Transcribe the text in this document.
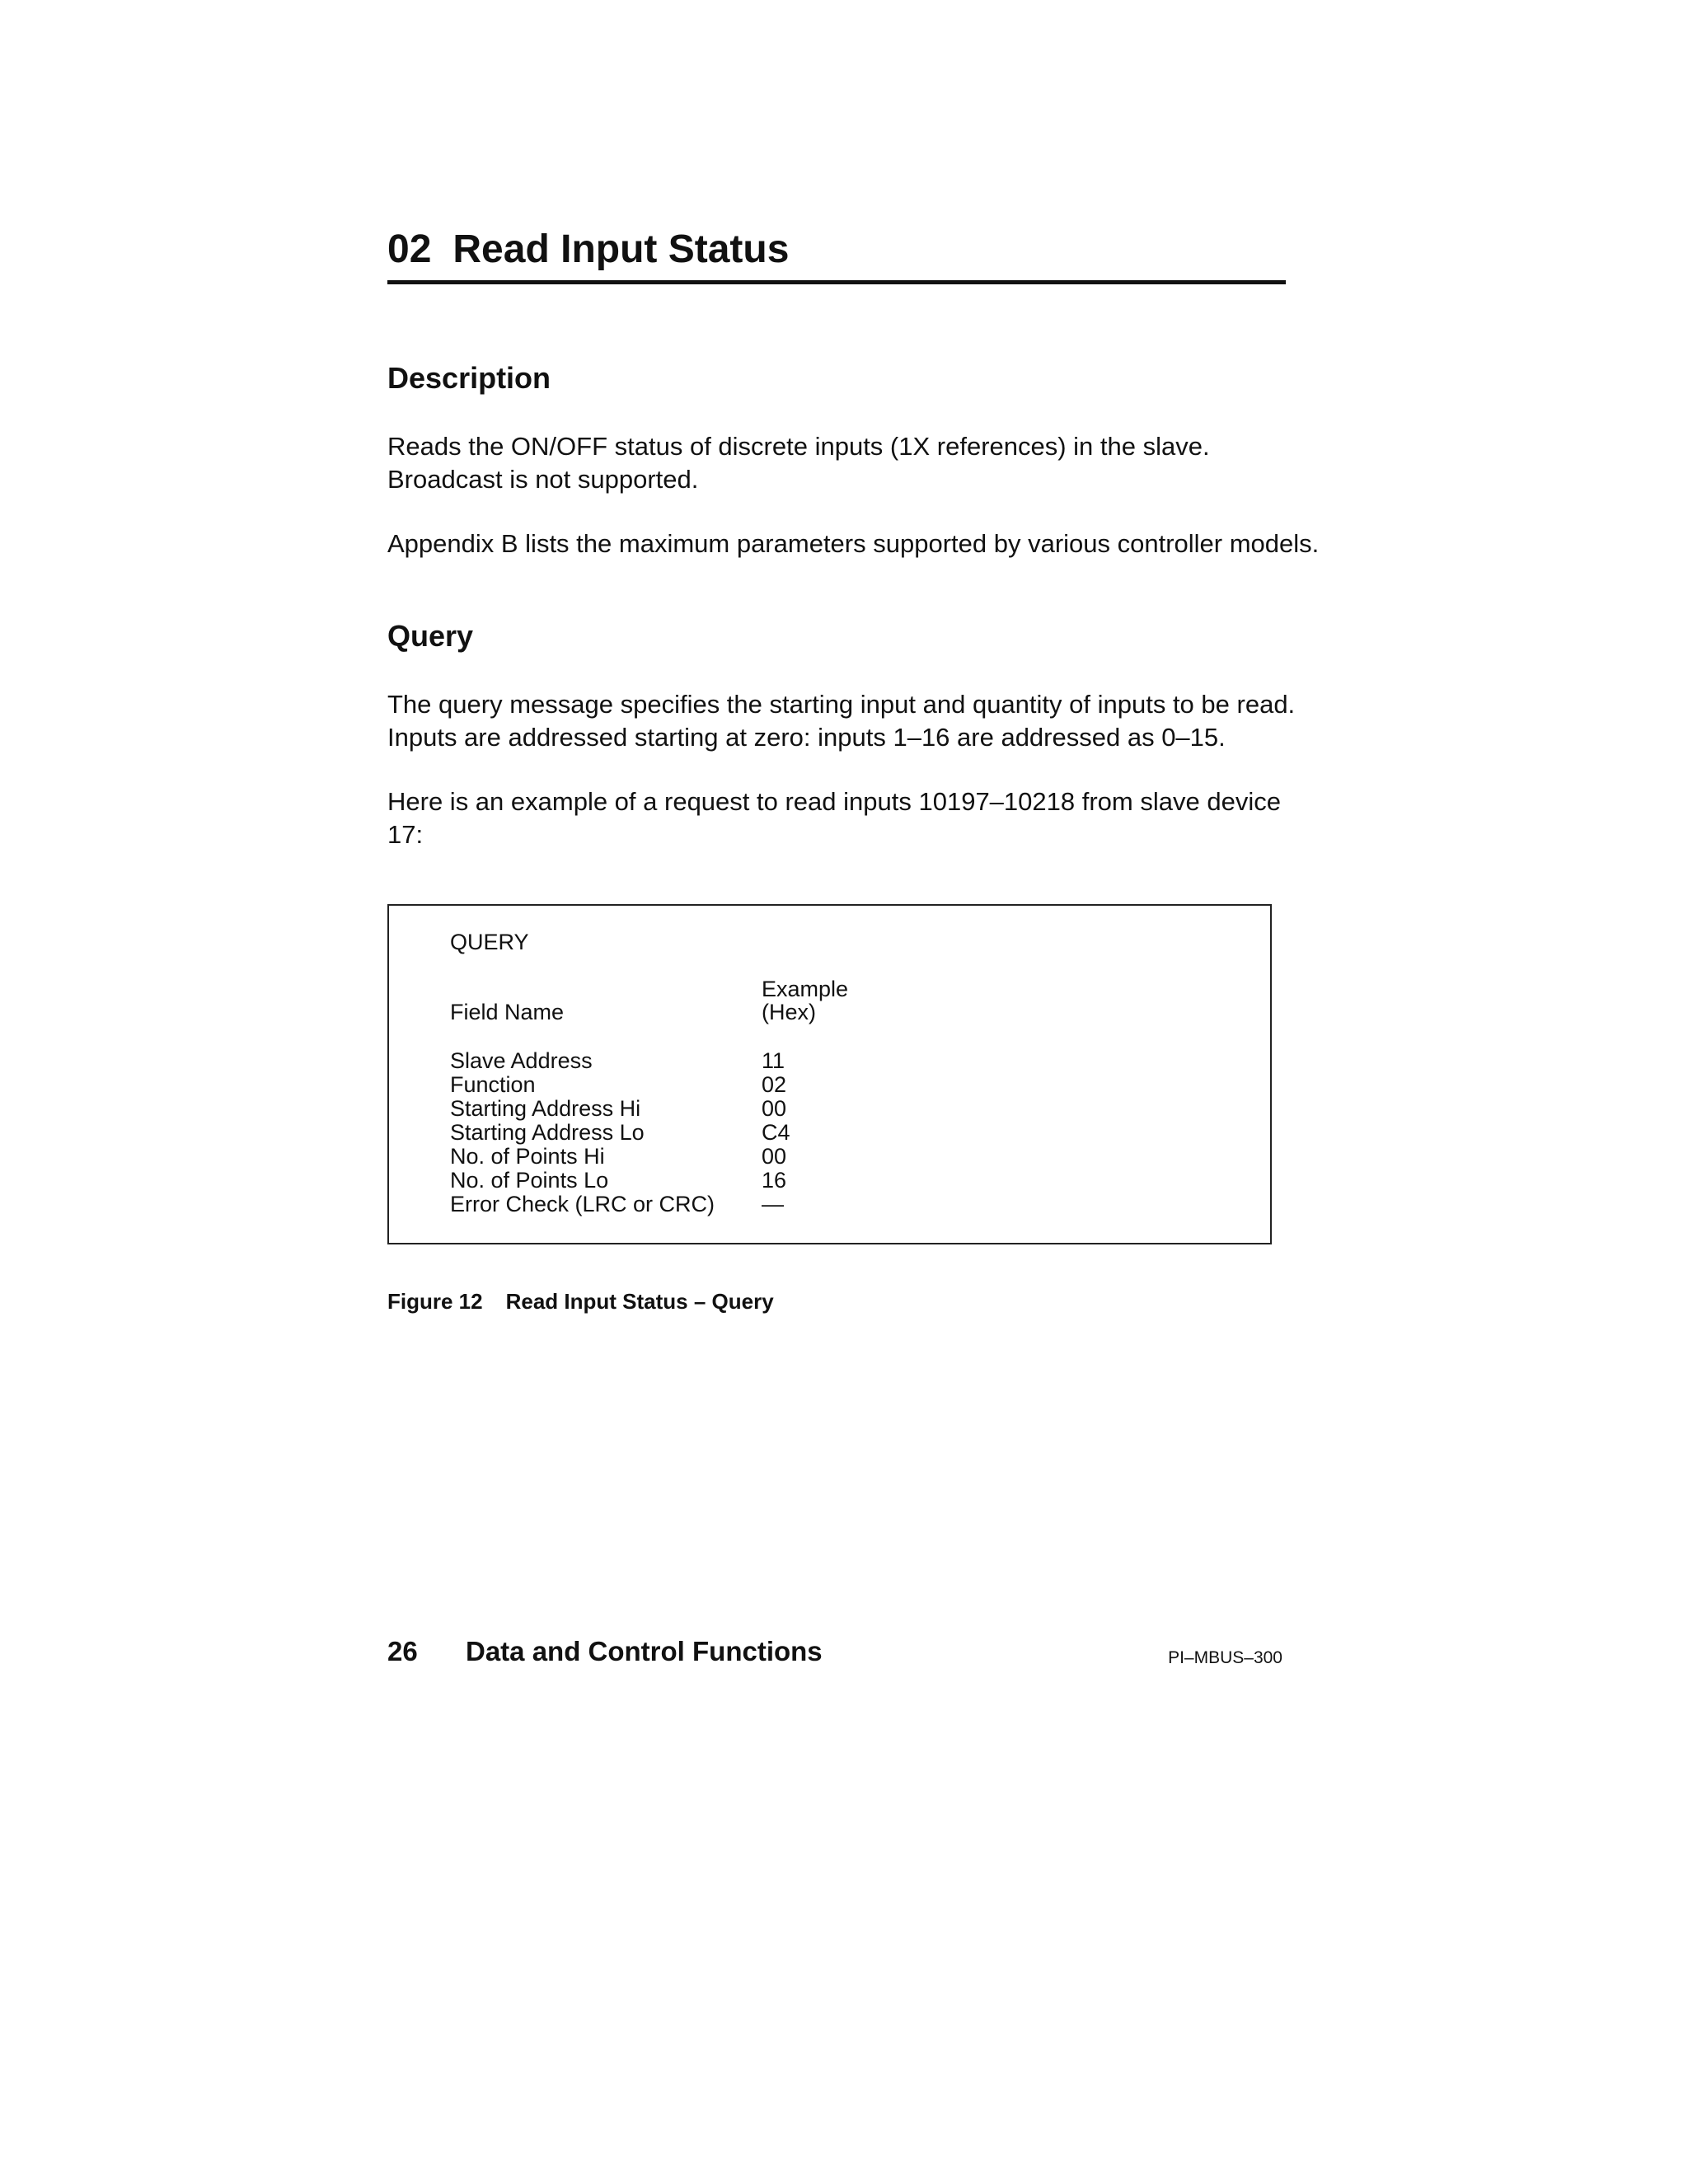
02 Read Input Status
Description

Reads the ON/OFF status of discrete inputs (1X references) in the slave.
Broadcast is not supported.

Appendix B lists the maximum parameters supported by various controller models.

Query

The query message specifies the starting input and quantity of inputs to be read.
Inputs are addressed starting at zero: inputs 1–16 are addressed as 0–15.

Here is an example of a request to read inputs 10197–10218 from slave device
17:

QUERY
Example
Field Name	(Hex)
Slave Address	11
Function	02
Starting Address Hi	00
Starting Address Lo	C4
No. of Points Hi	00
No. of Points Lo	16
Error Check (LRC or CRC)	—
Figure 12 Read Input Status – Query
26 Data and Control Functions	PI–MBUS–300
